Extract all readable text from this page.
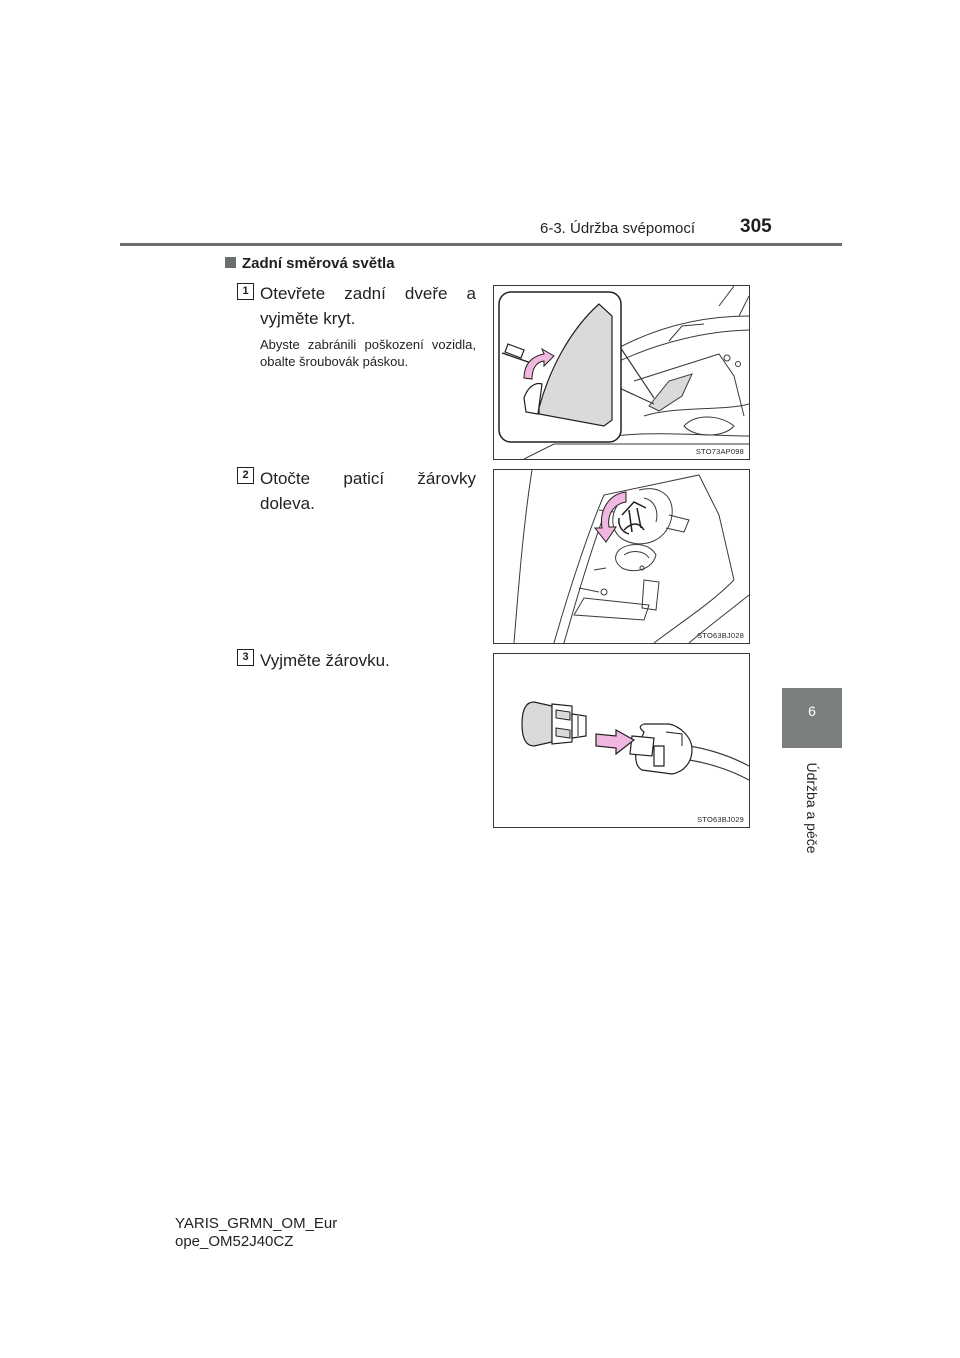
6-3. Údržba svépomocí 305
6
Údržba a péče
Zadní směrová světla
1 Otevřete zadní dveře a vyjměte kryt.
Abyste zabránili poškození vozidla, obalte šroubovák páskou.
STO73AP098
2 Otočte paticí žárovky doleva.
STO63BJ028
3 Vyjměte žárovku.
STO63BJ029
YARIS_GRMN_OM_Europe_OM52J40CZ
